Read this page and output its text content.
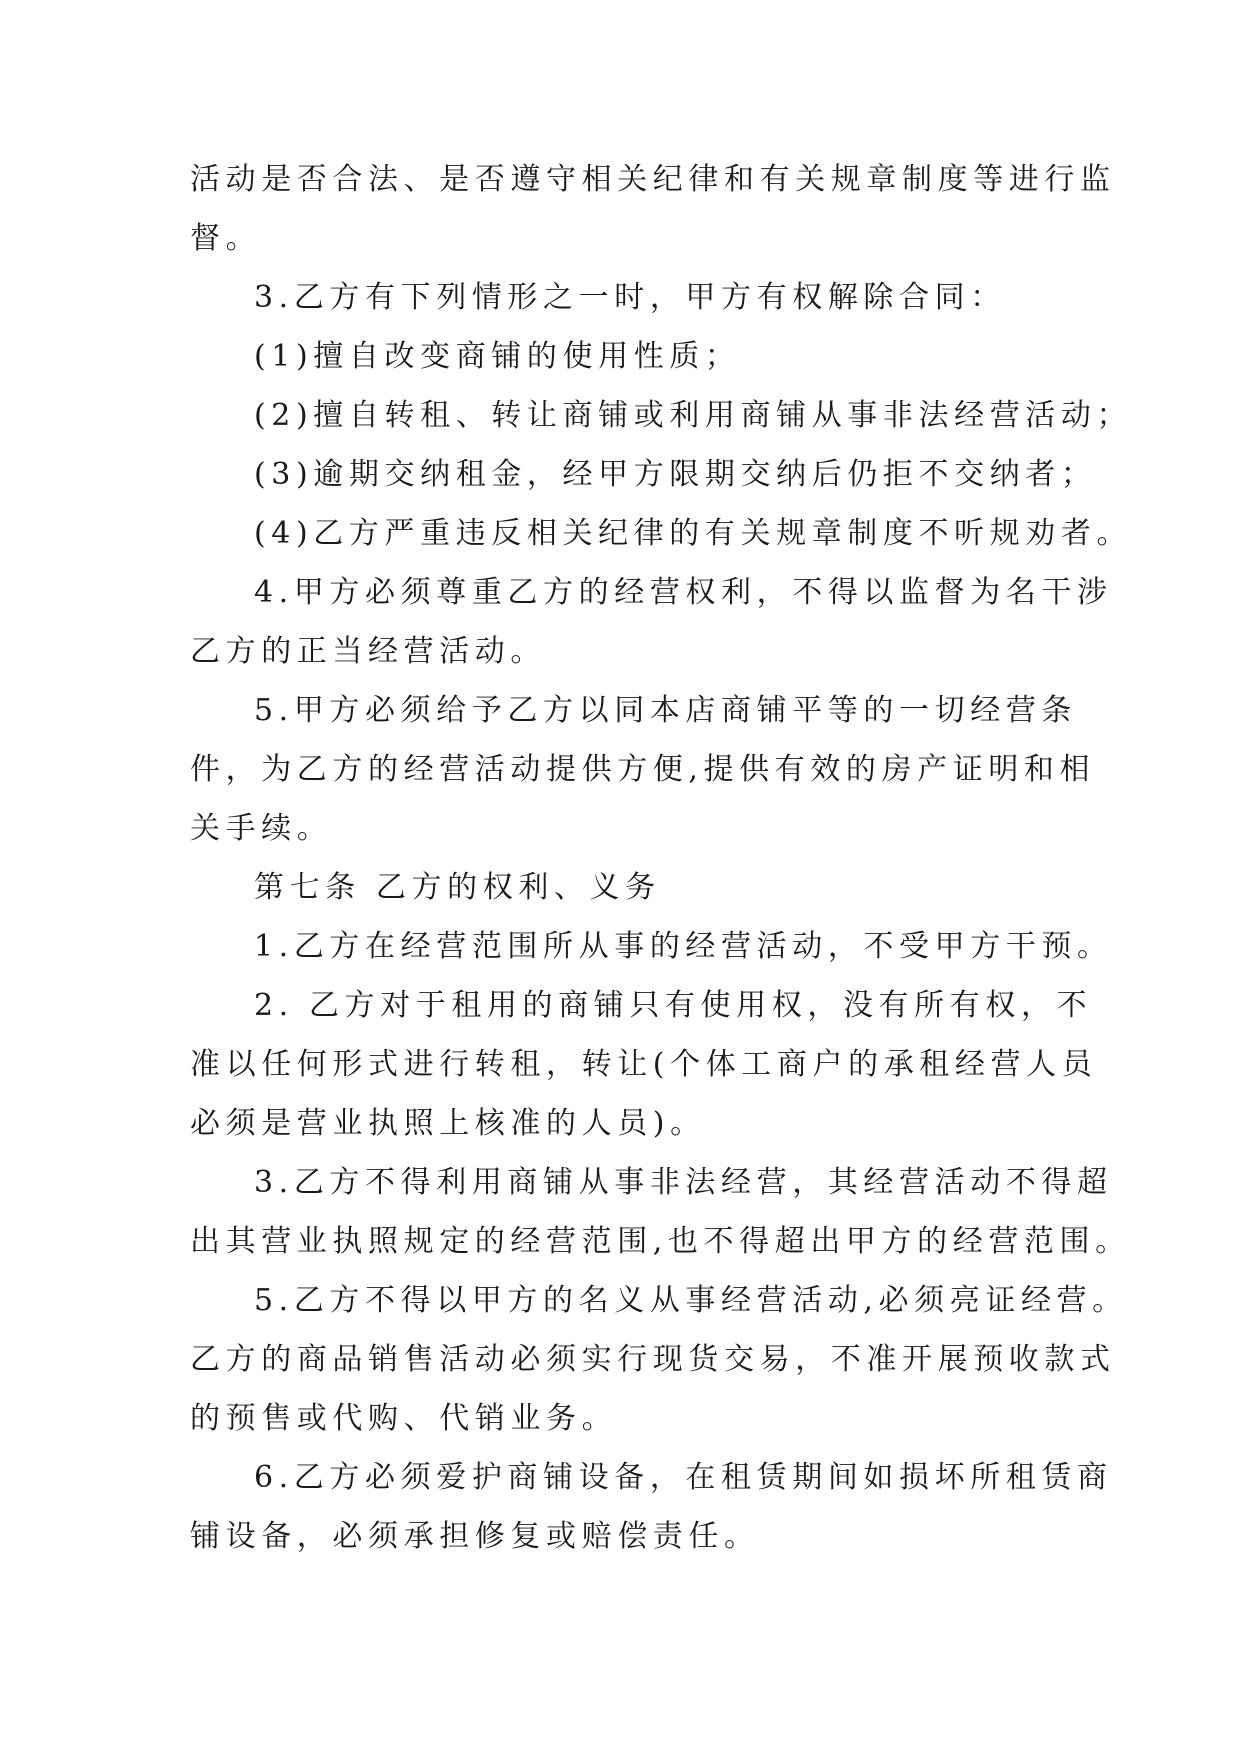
活动是否合法、是否遵守相关纪律和有关规章制度等进行监
督。
3.乙方有下列情形之一时，甲方有权解除合同：
(1)擅自改变商铺的使用性质；
(2)擅自转租、转让商铺或利用商铺从事非法经营活动；
(3)逾期交纳租金，经甲方限期交纳后仍拒不交纳者；
(4)乙方严重违反相关纪律的有关规章制度不听规劝者。
4.甲方必须尊重乙方的经营权利，不得以监督为名干涉
乙方的正当经营活动。
5.甲方必须给予乙方以同本店商铺平等的一切经营条
件，为乙方的经营活动提供方便,提供有效的房产证明和相
关手续。
第七条 乙方的权利、义务
1.乙方在经营范围所从事的经营活动，不受甲方干预。
2. 乙方对于租用的商铺只有使用权，没有所有权，不
准以任何形式进行转租，转让(个体工商户的承租经营人员
必须是营业执照上核准的人员)。
3.乙方不得利用商铺从事非法经营，其经营活动不得超
出其营业执照规定的经营范围,也不得超出甲方的经营范围。
5.乙方不得以甲方的名义从事经营活动,必须亮证经营。
乙方的商品销售活动必须实行现货交易，不准开展预收款式
的预售或代购、代销业务。
6.乙方必须爱护商铺设备，在租赁期间如损坏所租赁商
铺设备，必须承担修复或赔偿责任。
